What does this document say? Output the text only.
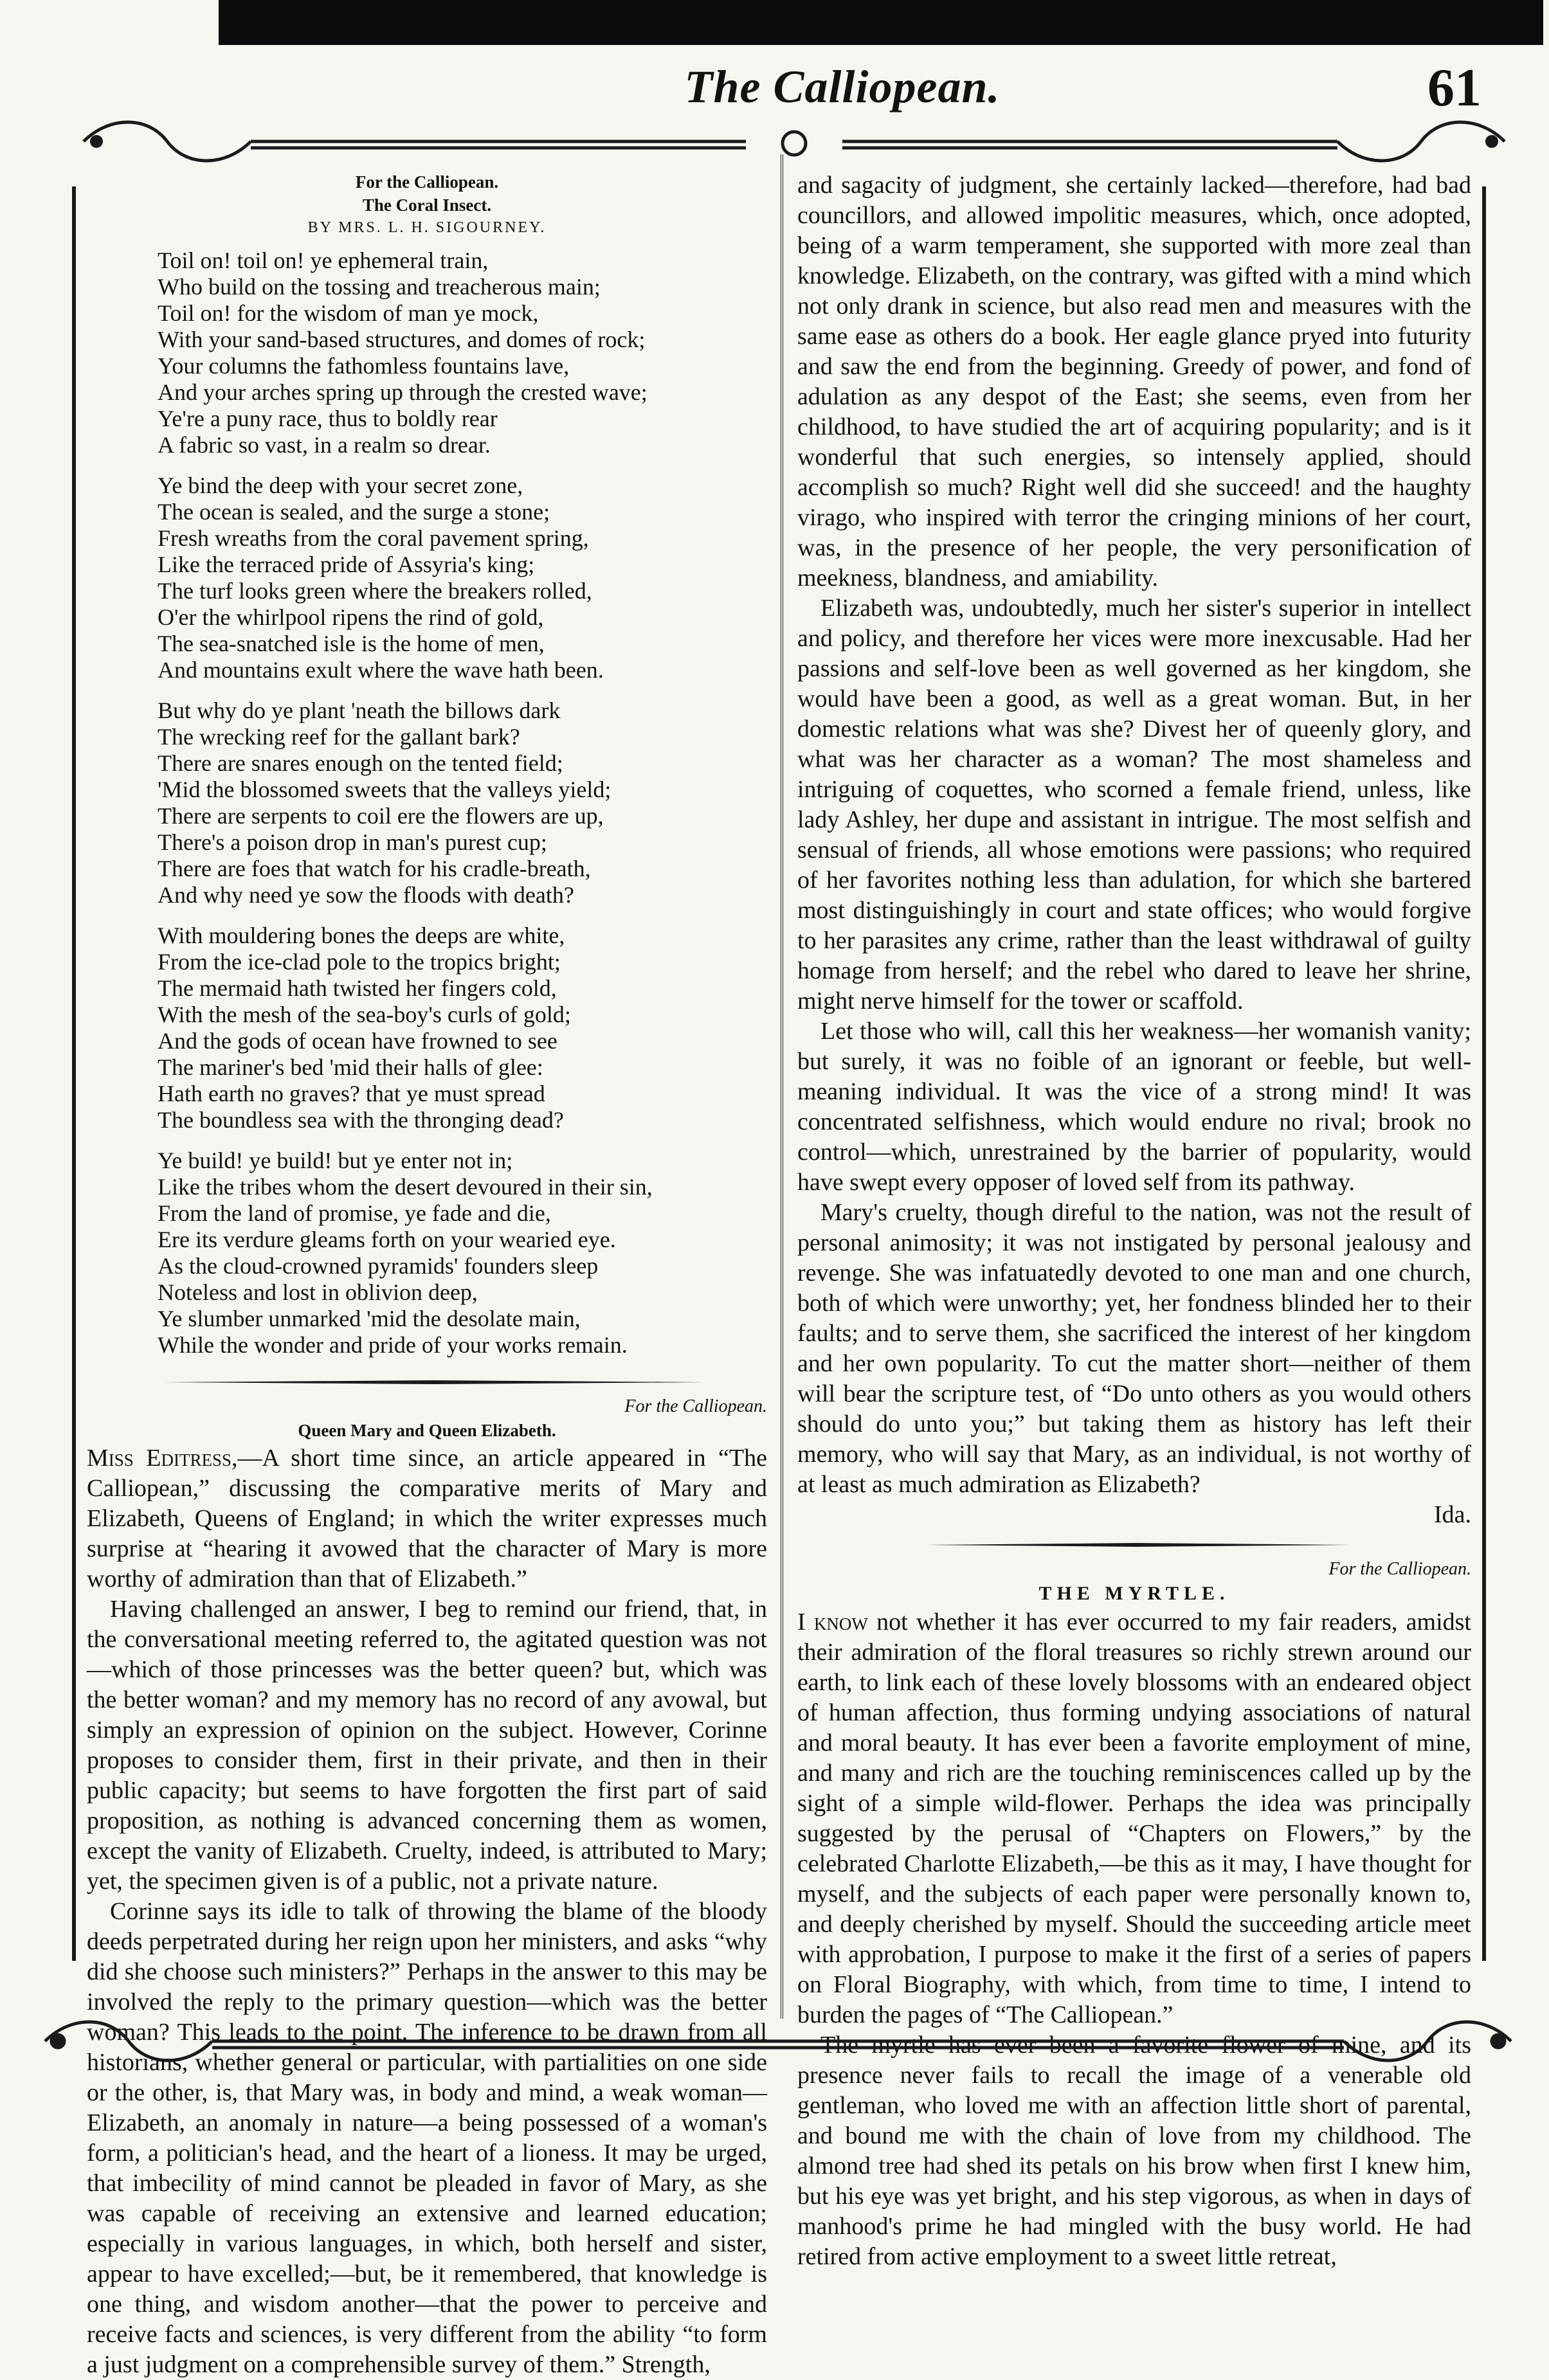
The Calliopean.	61
For the Calliopean.
The Coral Insect.
BY MRS. L. H. SIGOURNEY.
Toil on! toil on! ye ephemeral train,
Who build on the tossing and treacherous main;
Toil on! for the wisdom of man ye mock,
With your sand-based structures, and domes of rock;
Your columns the fathomless fountains lave,
And your arches spring up through the crested wave;
Ye're a puny race, thus to boldly rear
A fabric so vast, in a realm so drear.
Ye bind the deep with your secret zone,
The ocean is sealed, and the surge a stone;
Fresh wreaths from the coral pavement spring,
Like the terraced pride of Assyria's king;
The turf looks green where the breakers rolled,
O'er the whirlpool ripens the rind of gold,
The sea-snatched isle is the home of men,
And mountains exult where the wave hath been.
But why do ye plant 'neath the billows dark
The wrecking reef for the gallant bark?
There are snares enough on the tented field;
'Mid the blossomed sweets that the valleys yield;
There are serpents to coil ere the flowers are up,
There's a poison drop in man's purest cup;
There are foes that watch for his cradle-breath,
And why need ye sow the floods with death?
With mouldering bones the deeps are white,
From the ice-clad pole to the tropics bright;
The mermaid hath twisted her fingers cold,
With the mesh of the sea-boy's curls of gold;
And the gods of ocean have frowned to see
The mariner's bed 'mid their halls of glee:
Hath earth no graves? that ye must spread
The boundless sea with the thronging dead?
Ye build! ye build! but ye enter not in;
Like the tribes whom the desert devoured in their sin,
From the land of promise, ye fade and die,
Ere its verdure gleams forth on your wearied eye.
As the cloud-crowned pyramids' founders sleep
Noteless and lost in oblivion deep,
Ye slumber unmarked 'mid the desolate main,
While the wonder and pride of your works remain.
For the Calliopean.
Queen Mary and Queen Elizabeth.

Miss Editress,—A short time since, an article appeared in “The Calliopean,” discussing the comparative merits of Mary and Elizabeth, Queens of England; in which the writer expresses much surprise at “hearing it avowed that the character of Mary is more worthy of admiration than that of Elizabeth.”

Having challenged an answer, I beg to remind our friend, that, in the conversational meeting referred to, the agitated question was not—which of those princesses was the better queen? but, which was the better woman? and my memory has no record of any avowal, but simply an expression of opinion on the subject. However, Corinne proposes to consider them, first in their private, and then in their public capacity; but seems to have forgotten the first part of said proposition, as nothing is advanced concerning them as women, except the vanity of Elizabeth. Cruelty, indeed, is attributed to Mary; yet, the specimen given is of a public, not a private nature.

Corinne says its idle to talk of throwing the blame of the bloody deeds perpetrated during her reign upon her ministers, and asks “why did she choose such ministers?” Perhaps in the answer to this may be involved the reply to the primary question—which was the better woman? This leads to the point. The inference to be drawn from all historians, whether general or particular, with partialities on one side or the other, is, that Mary was, in body and mind, a weak woman—Elizabeth, an anomaly in nature—a being possessed of a woman's form, a politician's head, and the heart of a lioness. It may be urged, that imbecility of mind cannot be pleaded in favor of Mary, as she was capable of receiving an extensive and learned education; especially in various languages, in which, both herself and sister, appear to have excelled;—but, be it remembered, that knowledge is one thing, and wisdom another—that the power to perceive and receive facts and sciences, is very different from the ability “to form a just judgment on a comprehensible survey of them.” Strength,

and sagacity of judgment, she certainly lacked—therefore, had bad councillors, and allowed impolitic measures, which, once adopted, being of a warm temperament, she supported with more zeal than knowledge. Elizabeth, on the contrary, was gifted with a mind which not only drank in science, but also read men and measures with the same ease as others do a book. Her eagle glance pryed into futurity and saw the end from the beginning. Greedy of power, and fond of adulation as any despot of the East; she seems, even from her childhood, to have studied the art of acquiring popularity; and is it wonderful that such energies, so intensely applied, should accomplish so much? Right well did she succeed! and the haughty virago, who inspired with terror the cringing minions of her court, was, in the presence of her people, the very personification of meekness, blandness, and amiability.

Elizabeth was, undoubtedly, much her sister's superior in intellect and policy, and therefore her vices were more inexcusable. Had her passions and self-love been as well governed as her kingdom, she would have been a good, as well as a great woman. But, in her domestic relations what was she? Divest her of queenly glory, and what was her character as a woman? The most shameless and intriguing of coquettes, who scorned a female friend, unless, like lady Ashley, her dupe and assistant in intrigue. The most selfish and sensual of friends, all whose emotions were passions; who required of her favorites nothing less than adulation, for which she bartered most distinguishingly in court and state offices; who would forgive to her parasites any crime, rather than the least withdrawal of guilty homage from herself; and the rebel who dared to leave her shrine, might nerve himself for the tower or scaffold.

Let those who will, call this her weakness—her womanish vanity; but surely, it was no foible of an ignorant or feeble, but well-meaning individual. It was the vice of a strong mind! It was concentrated selfishness, which would endure no rival; brook no control—which, unrestrained by the barrier of popularity, would have swept every opposer of loved self from its pathway.

Mary's cruelty, though direful to the nation, was not the result of personal animosity; it was not instigated by personal jealousy and revenge. She was infatuatedly devoted to one man and one church, both of which were unworthy; yet, her fondness blinded her to their faults; and to serve them, she sacrificed the interest of her kingdom and her own popularity. To cut the matter short—neither of them will bear the scripture test, of “Do unto others as you would others should do unto you;” but taking them as history has left their memory, who will say that Mary, as an individual, is not worthy of at least as much admiration as Elizabeth?

Ida.
For the Calliopean.
THE MYRTLE.

I know not whether it has ever occurred to my fair readers, amidst their admiration of the floral treasures so richly strewn around our earth, to link each of these lovely blossoms with an endeared object of human affection, thus forming undying associations of natural and moral beauty. It has ever been a favorite employment of mine, and many and rich are the touching reminiscences called up by the sight of a simple wild-flower. Perhaps the idea was principally suggested by the perusal of “Chapters on Flowers,” by the celebrated Charlotte Elizabeth,—be this as it may, I have thought for myself, and the subjects of each paper were personally known to, and deeply cherished by myself. Should the succeeding article meet with approbation, I purpose to make it the first of a series of papers on Floral Biography, with which, from time to time, I intend to burden the pages of “The Calliopean.”

The myrtle has ever been a favorite flower of mine, and its presence never fails to recall the image of a venerable old gentleman, who loved me with an affection little short of parental, and bound me with the chain of love from my childhood. The almond tree had shed its petals on his brow when first I knew him, but his eye was yet bright, and his step vigorous, as when in days of manhood's prime he had mingled with the busy world. He had retired from active employment to a sweet little retreat,
